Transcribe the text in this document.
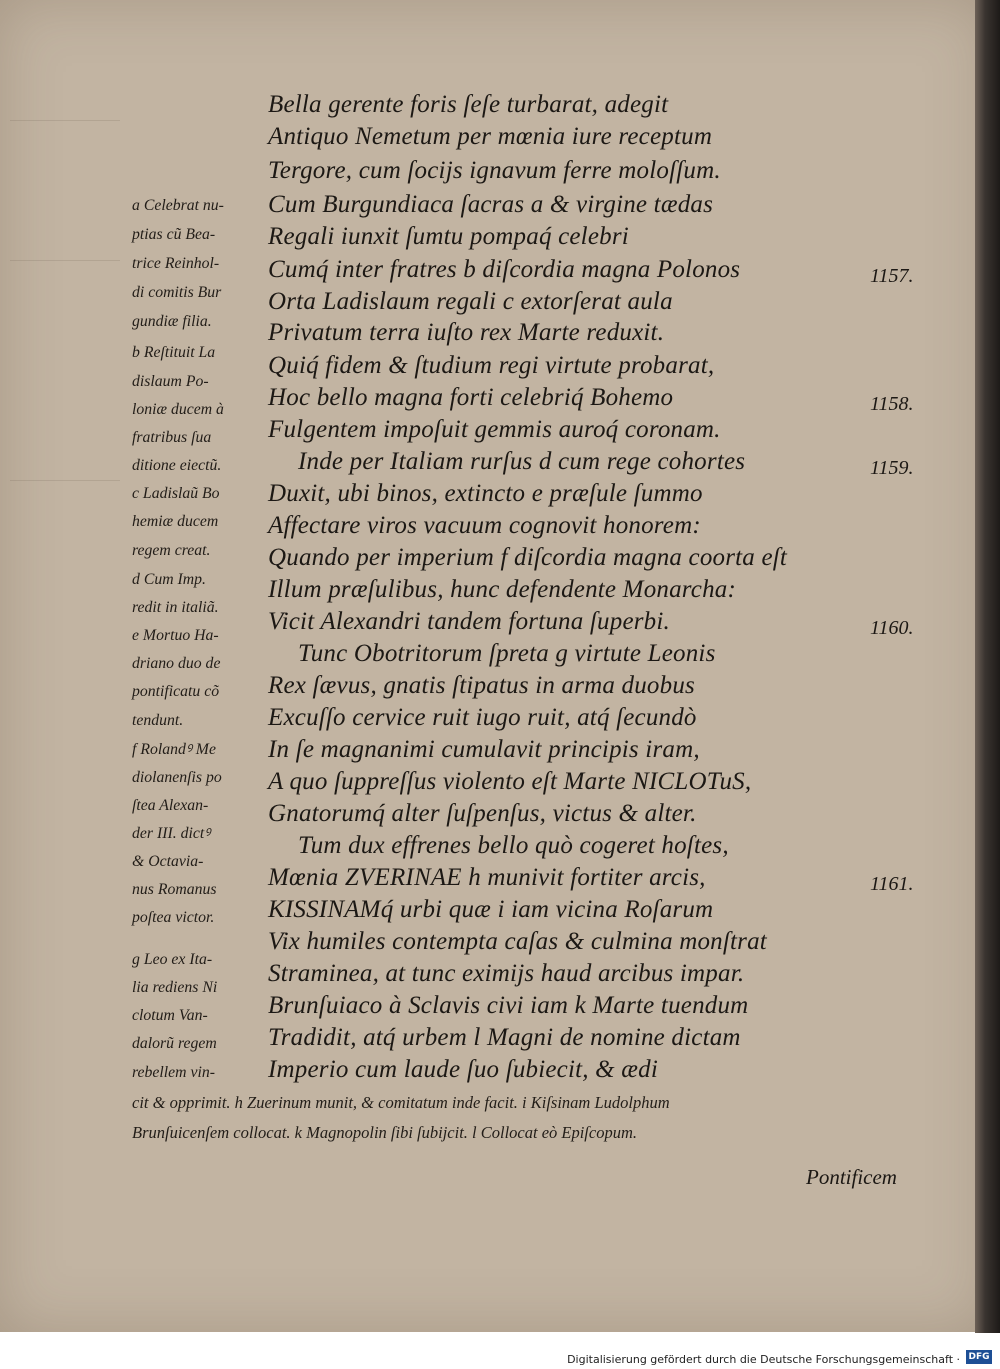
Bella gerente foris ſeſe turbarat, adegit
Antiquo Nemetum per mœnia iure receptum
Tergore, cum ſocijs ignavum ferre moloſſum.
Cum Burgundiaca ſacras a & virgine tædas
Regali iunxit ſumtu pompaq́ celebri
Cumq́ inter fratres b diſcordia magna Polonos
Orta Ladislaum regali c extorſerat aula
Privatum terra iuſto rex Marte reduxit.
Quiq́ fidem & ſtudium regi virtute probarat,
Hoc bello magna forti celebriq́ Bohemo
Fulgentem impoſuit gemmis auroq́ coronam.
Inde per Italiam rurſus d cum rege cohortes
Duxit, ubi binos, extincto e præſule ſummo
Affectare viros vacuum cognovit honorem:
Quando per imperium f diſcordia magna coorta eſt
Illum præſulibus, hunc defendente Monarcha:
Vicit Alexandri tandem fortuna ſuperbi.
Tunc Obotritorum ſpreta g virtute Leonis
Rex ſævus, gnatis ſtipatus in arma duobus
Excuſſo cervice ruit iugo ruit, atq́ ſecundò
In ſe magnanimi cumulavit principis iram,
A quo ſuppreſſus violento eſt Marte NICLOTuS,
Gnatorumq́ alter ſuſpenſus, victus & alter.
Tum dux effrenes bello quò cogeret hoſtes,
Mœnia ZVERINAE h munivit fortiter arcis,
KISSINAMq́ urbi quæ i iam vicina Roſarum
Vix humiles contempta caſas & culmina monſtrat
Straminea, at tunc eximijs haud arcibus impar.
Brunſuiaco à Sclavis civi iam k Marte tuendum
Tradidit, atq́ urbem l Magni de nomine dictam
Imperio cum laude ſuo ſubiecit, & ædi
a Celebrat nu-
ptias cũ Bea-
trice Reinhol-
di comitis Bur
gundiæ filia.
b Reſtituit La
dislaum Po-
loniæ ducem à
fratribus ſua
ditione eiectũ.
c Ladislaũ Bo
hemiæ ducem
regem creat.
d Cum Imp.
redit in italiã.
e Mortuo Ha-
driano duo de
pontificatu cõ
tendunt.
f Rolandꝰ Me
diolanenſis po
ſtea Alexan-
der III. dictꝰ
& Octavia-
nus Romanus
poſtea victor.
g Leo ex Ita-
lia rediens Ni
clotum Van-
dalorũ regem
rebellem vin-
1157.
1158.
1159.
1160.
1161.
cit & opprimit. h Zuerinum munit, & comitatum inde facit. i Kiſsinam Ludolphum
Brunſuicenſem collocat. k Magnopolin ſibi ſubijcit. l Collocat eò Epiſcopum.
Pontificem
Digitalisierung gefördert durch die Deutsche Forschungsgemeinschaft · DFG
